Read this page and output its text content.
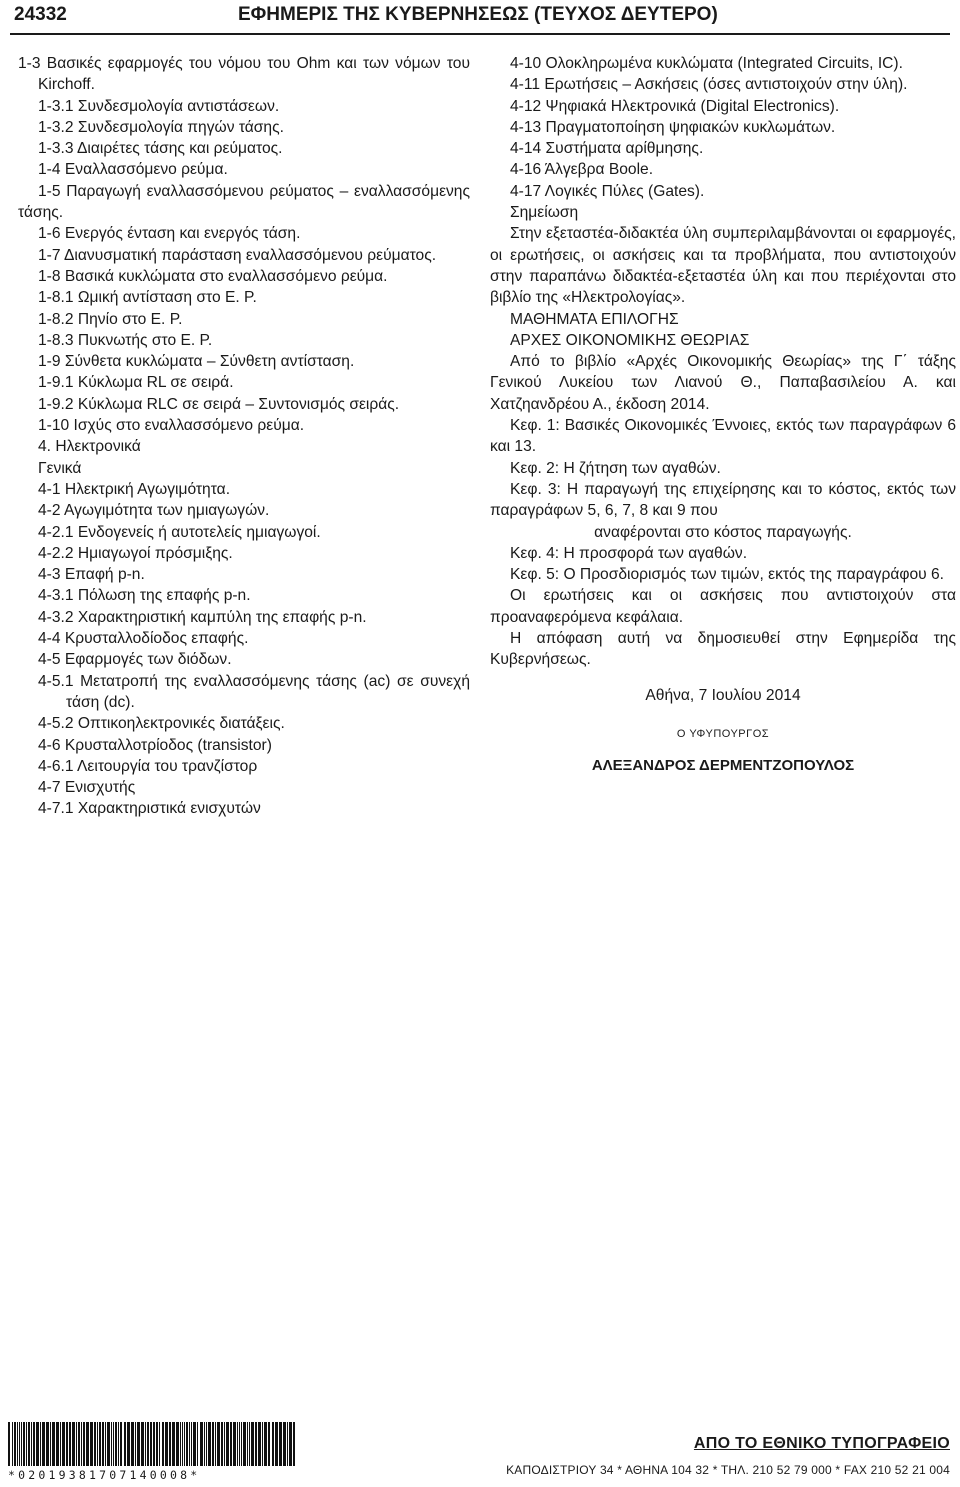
24332	ΕΦΗΜΕΡΙΣ ΤΗΣ ΚΥΒΕΡΝΗΣΕΩΣ (ΤΕΥΧΟΣ ΔΕΥΤΕΡΟ)

1-3 Βασικές εφαρμογές του νόμου του Ohm και των νόμων του Kirchoff.

1-3.1 Συνδεσμολογία αντιστάσεων.

1-3.2 Συνδεσμολογία πηγών τάσης.

1-3.3 Διαιρέτες τάσης και ρεύματος.

1-4 Εναλλασσόμενο ρεύμα.

1-5 Παραγωγή εναλλασσόμενου ρεύματος – εναλλασσόμενης τάσης.

1-6 Ενεργός ένταση και ενεργός τάση.

1-7 Διανυσματική παράσταση εναλλασσόμενου ρεύματος.

1-8 Βασικά κυκλώματα στο εναλλασσόμενο ρεύμα.

1-8.1 Ωμική αντίσταση στο Ε. Ρ.

1-8.2 Πηνίο στο Ε. Ρ.

1-8.3 Πυκνωτής στο Ε. Ρ.

1-9 Σύνθετα κυκλώματα – Σύνθετη αντίσταση.

1-9.1 Κύκλωμα RL σε σειρά.

1-9.2 Κύκλωμα RLC σε σειρά – Συντονισμός σειράς.

1-10 Ισχύς στο εναλλασσόμενο ρεύμα.

4. Ηλεκτρονικά

Γενικά

4-1 Ηλεκτρική Αγωγιμότητα.

4-2 Αγωγιμότητα των ημιαγωγών.

4-2.1 Ενδογενείς ή αυτοτελείς ημιαγωγοί.

4-2.2 Ημιαγωγοί πρόσμιξης.

4-3 Επαφή p-n.

4-3.1 Πόλωση της επαφής p-n.

4-3.2 Χαρακτηριστική καμπύλη της επαφής p-n.

4-4 Κρυσταλλοδίοδος επαφής.

4-5 Εφαρμογές των διόδων.

4-5.1 Μετατροπή της εναλλασσόμενης τάσης (ac) σε συνεχή τάση (dc).

4-5.2 Οπτικοηλεκτρονικές διατάξεις.

4-6 Κρυσταλλοτρίοδος (transistor)

4-6.1 Λειτουργία του τρανζίστορ

4-7 Ενισχυτής

4-7.1 Χαρακτηριστικά ενισχυτών

4-10 Ολοκληρωμένα κυκλώματα (Integrated Circuits, IC).

4-11 Ερωτήσεις – Ασκήσεις (όσες αντιστοιχούν στην ύλη).

4-12 Ψηφιακά Ηλεκτρονικά (Digital Electronics).

4-13 Πραγματοποίηση ψηφιακών κυκλωμάτων.

4-14 Συστήματα αρίθμησης.

4-16 Άλγεβρα Boole.

4-17 Λογικές Πύλες (Gates).

Σημείωση

Στην εξεταστέα-διδακτέα ύλη συμπεριλαμβάνονται οι εφαρμογές, οι ερωτήσεις, οι ασκήσεις και τα προβλήματα, που αντιστοιχούν στην παραπάνω διδακτέα-εξεταστέα ύλη και που περιέχονται στο βιβλίο της «Ηλεκτρολογίας».

ΜΑΘΗΜΑΤΑ ΕΠΙΛΟΓΗΣ

ΑΡΧΕΣ ΟΙΚΟΝΟΜΙΚΗΣ ΘΕΩΡΙΑΣ

Από το βιβλίο «Αρχές Οικονομικής Θεωρίας» της Γ΄ τάξης Γενικού Λυκείου των Λιανού Θ., Παπαβασιλείου Α. και Χατζηανδρέου Α., έκδοση 2014.

Κεφ. 1: Βασικές Οικονομικές Έννοιες, εκτός των παραγράφων 6 και 13.

Κεφ. 2: Η ζήτηση των αγαθών.

Κεφ. 3: Η παραγωγή της επιχείρησης και το κόστος, εκτός των παραγράφων 5, 6, 7, 8 και 9 που

αναφέρονται στο κόστος παραγωγής.

Κεφ. 4: Η προσφορά των αγαθών.

Κεφ. 5: Ο Προσδιορισμός των τιμών, εκτός της παραγράφου 6.

Οι ερωτήσεις και οι ασκήσεις που αντιστοιχούν στα προαναφερόμενα κεφάλαια.

Η απόφαση αυτή να δημοσιευθεί στην Εφημερίδα της Κυβερνήσεως.

Αθήνα, 7 Ιουλίου 2014

Ο ΥΦΥΠΟΥΡΓΟΣ

ΑΛΕΞΑΝΔΡΟΣ ΔΕΡΜΕΝΤΖΟΠΟΥΛΟΣ

*02019381707140008*
ΑΠΟ ΤΟ ΕΘΝΙΚΟ ΤΥΠΟΓΡΑΦΕΙΟ
ΚΑΠΟΔΙΣΤΡΙΟΥ 34 * ΑΘΗΝΑ 104 32 * ΤΗΛ. 210 52 79 000 * FAX 210 52 21 004
